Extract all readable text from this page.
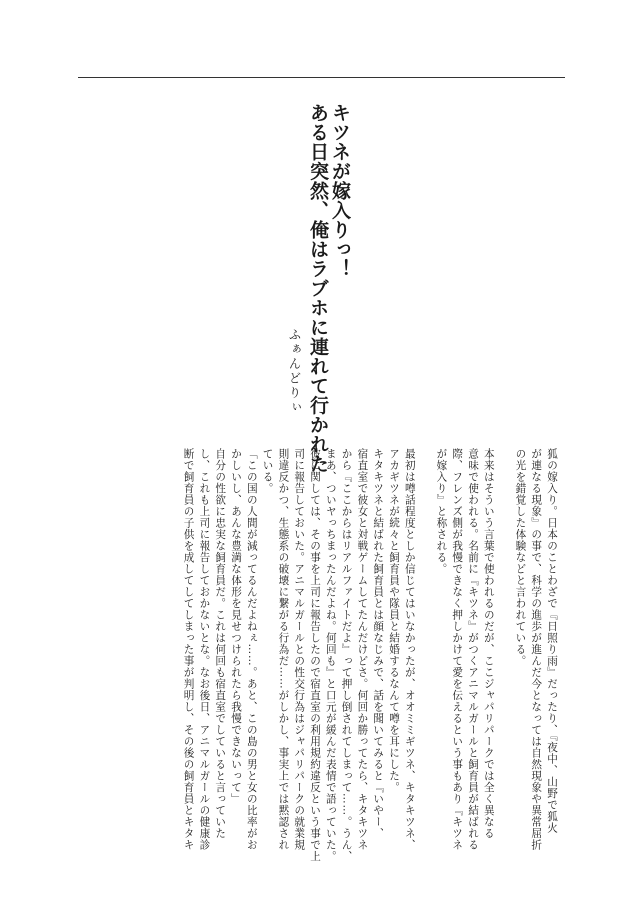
キツネが嫁入りっ！
ある日突然、俺はラブホに連れて行かれた
ふぁんどりぃ
狐の嫁入り。日本のことわざで『日照り雨』だったり、『夜中、山野で狐火
が連なる現象』の事で、科学の進歩が進んだ今となっては自然現象や異常屈折
の光を錯覚した体験などと言われている。
本来はそういう言葉で使われるのだが、ここジャパリパークでは全く異なる
意味で使われる。名前に『キツネ』がつくアニマルガールと飼育員が結ばれる
際、フレンズ側が我慢できなく押しかけて愛を伝えるという事もあり『キツネ
が嫁入り』と称される。
最初は噂話程度としか信じてはいなかったが、オオミミギツネ、キタキツネ、
アカギツネが続々と飼育員や隊員と結婚するなんて噂を耳にした。
キタキツネと結ばれた飼育員とは顔なじみで、話を聞いてみると『いやー、
宿直室で彼女と対戦ゲームしてたんだけどさ。何回か勝ってたら、キタキツネ
から『ここからはリアルファイトだよ』って押し倒されてしまって……。うん、
まあ、ついヤっちまったんだよね。何回も』と口元が緩んだ表情で語っていた。
彼に関しては、その事を上司に報告したので宿直室の利用規約違反という事で上
司に報告しておいた。アニマルガールとの性交行為はジャパリパークの就業規
則違反かつ、生態系の破壊に繋がる行為だ……がしかし、事実上では黙認され
ている。
「この国の人間が減ってるんだよねぇ……。あと、この島の男と女の比率がお
かしいし、あんな豊満な体形を見せつけられたら我慢できないって」
自分の性欲に忠実な飼育員だ。これは何回も宿直室でしていると言っていた
し、これも上司に報告しておかないとな。なお後日、アニマルガールの健康診
断で飼育員の子供を成してしてしまった事が判明し、その後の飼育員とキタキ
